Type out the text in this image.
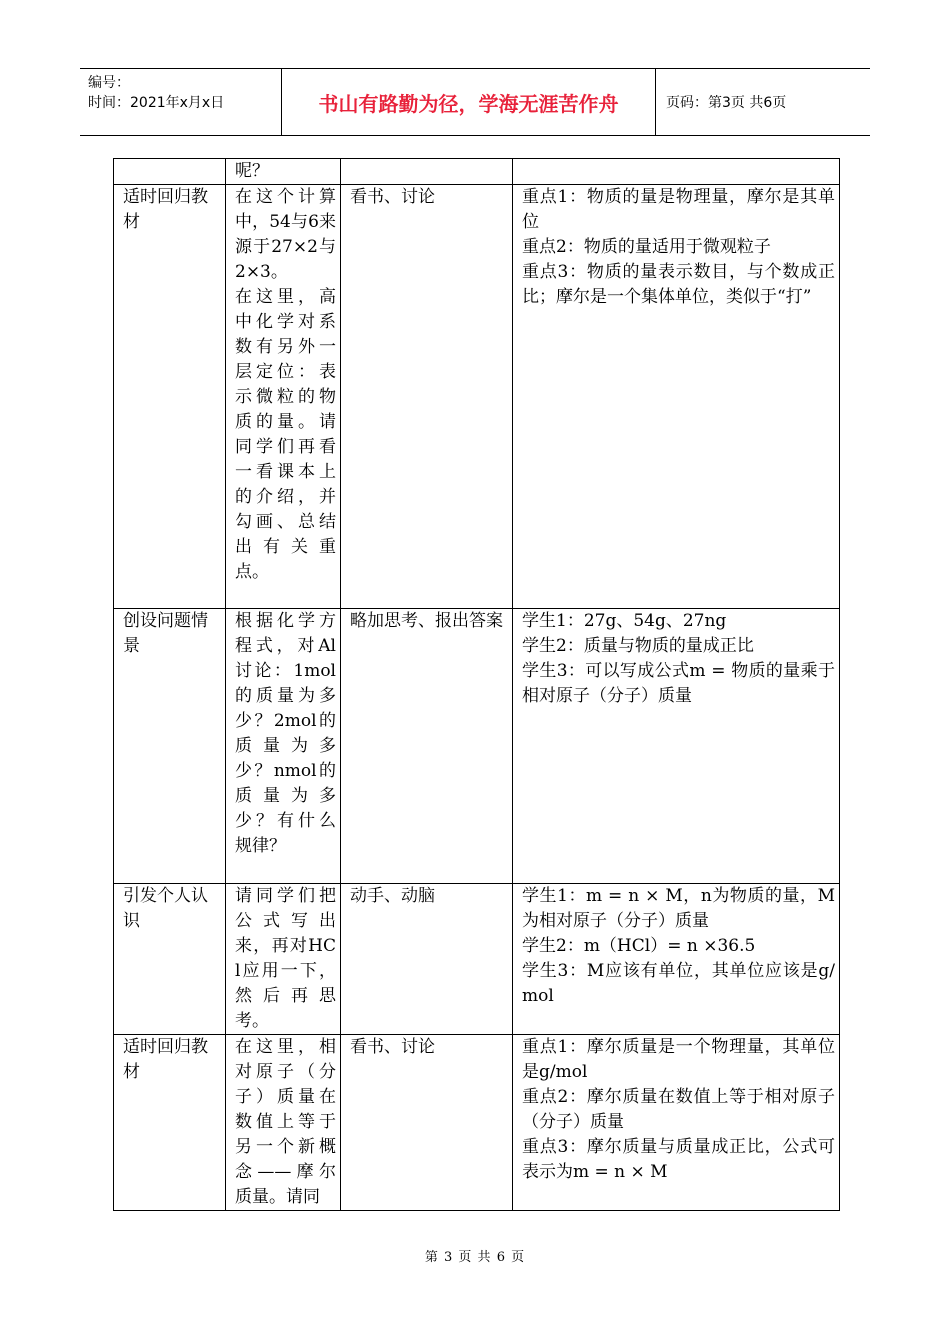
编号：
时间：2021年x月x日	书山有路勤为径，学海无涯苦作舟	页码：第3页 共6页

	呢？		

适时回归教材	在这个计算中，54与6来源于27×2与2×3。
在这里，高中化学对系数有另外一层定位：表示微粒的物质的量。请同学们再看一看课本上的介绍，并勾画、总结出有关重点。	看书、讨论	重点1：物质的量是物理量，摩尔是其单位
重点2：物质的量适用于微观粒子
重点3：物质的量表示数目，与个数成正比；摩尔是一个集体单位，类似于“打”

创设问题情景	根据化学方程式，对Al讨论：1mol的质量为多少？2mol的质量为多少？nmol的质量为多少？有什么规律？	略加思考、报出答案	学生1：27g、54g、27ng
学生2：质量与物质的量成正比
学生3：可以写成公式m = 物质的量乘于相对原子（分子）质量

引发个人认识	请同学们把公式写出来，再对HCl应用一下，然后再思考。	动手、动脑	学生1：m = n × M，n为物质的量，M为相对原子（分子）质量
学生2：m（HCl）= n ×36.5
学生3：M应该有单位，其单位应该是g/mol

适时回归教材	在这里，相对原子（分子）质量在数值上等于另一个新概念——摩尔质量。请同	看书、讨论	重点1：摩尔质量是一个物理量，其单位是g/mol
重点2：摩尔质量在数值上等于相对原子（分子）质量
重点3：摩尔质量与质量成正比，公式可表示为m = n × M
第 3 页 共 6 页
